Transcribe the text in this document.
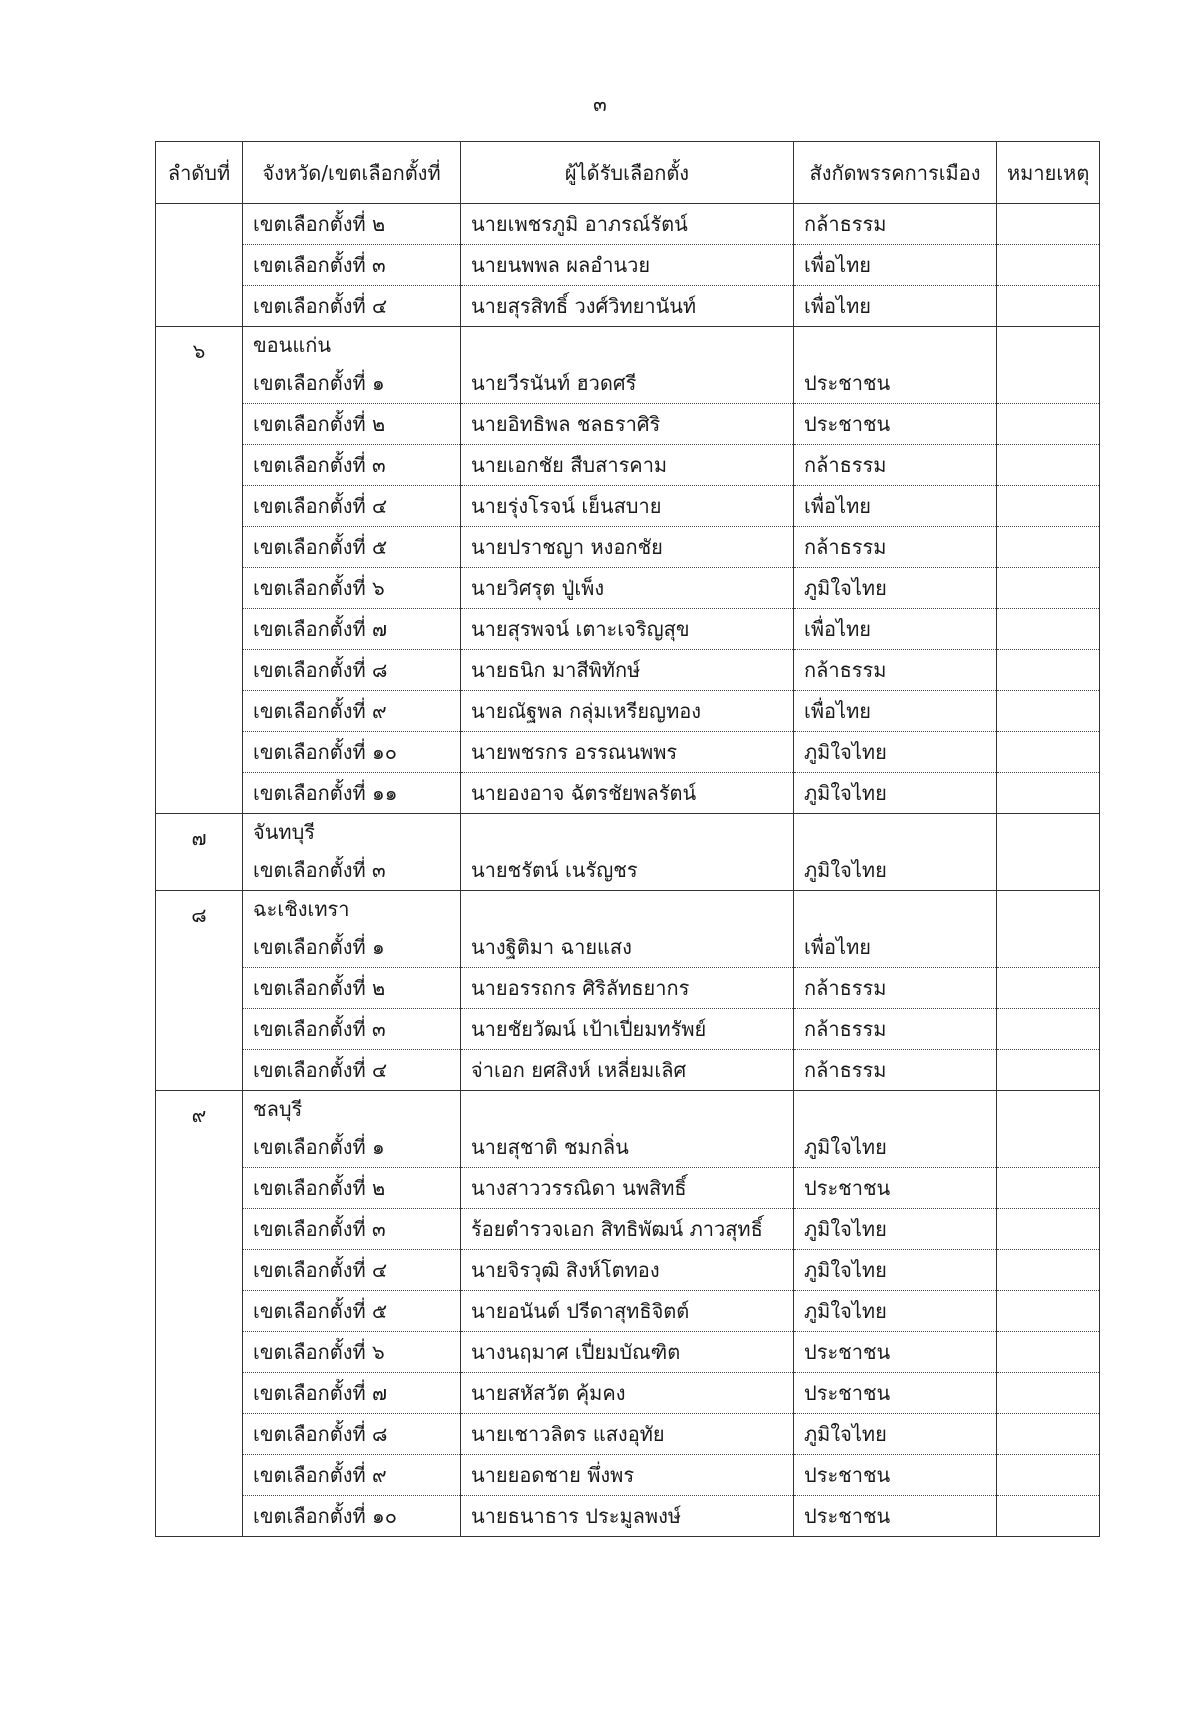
๓
ลำดับที่	จังหวัด/เขตเลือกตั้งที่	ผู้ได้รับเลือกตั้ง	สังกัดพรรคการเมือง	หมายเหตุ
	เขตเลือกตั้งที่ ๒	นายเพชรภูมิ อาภรณ์รัตน์	กล้าธรรม	
	เขตเลือกตั้งที่ ๓	นายนพพล ผลอำนวย	เพื่อไทย	
	เขตเลือกตั้งที่ ๔	นายสุรสิทธิ์ วงศ์วิทยานันท์	เพื่อไทย	
๖	ขอนแก่น			
	เขตเลือกตั้งที่ ๑	นายวีรนันท์ ฮวดศรี	ประชาชน	
	เขตเลือกตั้งที่ ๒	นายอิทธิพล ชลธราศิริ	ประชาชน	
	เขตเลือกตั้งที่ ๓	นายเอกชัย สืบสารคาม	กล้าธรรม	
	เขตเลือกตั้งที่ ๔	นายรุ่งโรจน์ เย็นสบาย	เพื่อไทย	
	เขตเลือกตั้งที่ ๕	นายปราชญา หงอกชัย	กล้าธรรม	
	เขตเลือกตั้งที่ ๖	นายวิศรุต ปู่เพ็ง	ภูมิใจไทย	
	เขตเลือกตั้งที่ ๗	นายสุรพจน์ เตาะเจริญสุข	เพื่อไทย	
	เขตเลือกตั้งที่ ๘	นายธนิก มาสีพิทักษ์	กล้าธรรม	
	เขตเลือกตั้งที่ ๙	นายณัฐพล กลุ่มเหรียญทอง	เพื่อไทย	
	เขตเลือกตั้งที่ ๑๐	นายพชรกร อรรณนพพร	ภูมิใจไทย	
	เขตเลือกตั้งที่ ๑๑	นายองอาจ ฉัตรชัยพลรัตน์	ภูมิใจไทย	
๗	จันทบุรี			
	เขตเลือกตั้งที่ ๓	นายชรัตน์ เนรัญชร	ภูมิใจไทย	
๘	ฉะเชิงเทรา			
	เขตเลือกตั้งที่ ๑	นางฐิติมา ฉายแสง	เพื่อไทย	
	เขตเลือกตั้งที่ ๒	นายอรรถกร ศิริลัทธยากร	กล้าธรรม	
	เขตเลือกตั้งที่ ๓	นายชัยวัฒน์ เป้าเปี่ยมทรัพย์	กล้าธรรม	
	เขตเลือกตั้งที่ ๔	จ่าเอก ยศสิงห์ เหลี่ยมเลิศ	กล้าธรรม	
๙	ชลบุรี			
	เขตเลือกตั้งที่ ๑	นายสุชาติ ชมกลิ่น	ภูมิใจไทย	
	เขตเลือกตั้งที่ ๒	นางสาววรรณิดา นพสิทธิ์	ประชาชน	
	เขตเลือกตั้งที่ ๓	ร้อยตำรวจเอก สิทธิพัฒน์ ภาวสุทธิ์	ภูมิใจไทย	
	เขตเลือกตั้งที่ ๔	นายจิรวุฒิ สิงห์โตทอง	ภูมิใจไทย	
	เขตเลือกตั้งที่ ๕	นายอนันต์ ปรีดาสุทธิจิตต์	ภูมิใจไทย	
	เขตเลือกตั้งที่ ๖	นางนฤมาศ เปี่ยมบัณฑิต	ประชาชน	
	เขตเลือกตั้งที่ ๗	นายสหัสวัต คุ้มคง	ประชาชน	
	เขตเลือกตั้งที่ ๘	นายเชาวลิตร แสงอุทัย	ภูมิใจไทย	
	เขตเลือกตั้งที่ ๙	นายยอดชาย พึ่งพร	ประชาชน	
	เขตเลือกตั้งที่ ๑๐	นายธนาธาร ประมูลพงษ์	ประชาชน	
